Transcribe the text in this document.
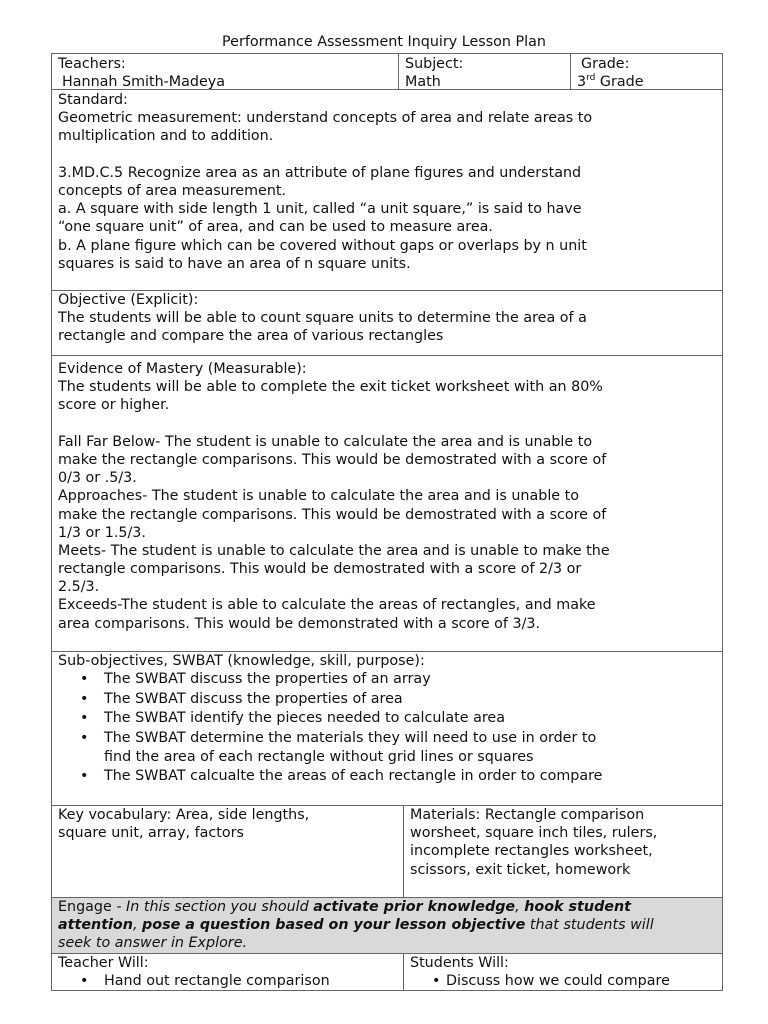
Performance Assessment Inquiry Lesson Plan
Teachers:
Hannah Smith-Madeya
Subject:
Math
Grade:
3rd Grade
Standard:
Geometric measurement: understand concepts of area and relate areas to
multiplication and to addition.
3.MD.C.5 Recognize area as an attribute of plane figures and understand
concepts of area measurement.
a. A square with side length 1 unit, called “a unit square,” is said to have
“one square unit” of area, and can be used to measure area.
b. A plane figure which can be covered without gaps or overlaps by n unit
squares is said to have an area of n square units.
Objective (Explicit):
The students will be able to count square units to determine the area of a
rectangle and compare the area of various rectangles
Evidence of Mastery (Measurable):
The students will be able to complete the exit ticket worksheet with an 80%
score or higher.
Fall Far Below- The student is unable to calculate the area and is unable to
make the rectangle comparisons. This would be demostrated with a score of
0/3 or .5/3.
Approaches- The student is unable to calculate the area and is unable to
make the rectangle comparisons. This would be demostrated with a score of
1/3 or 1.5/3.
Meets- The student is unable to calculate the area and is unable to make the
rectangle comparisons. This would be demostrated with a score of 2/3 or
2.5/3.
Exceeds-The student is able to calculate the areas of rectangles, and make
area comparisons. This would be demonstrated with a score of 3/3.
Sub-objectives, SWBAT (knowledge, skill, purpose):
• The SWBAT discuss the properties of an array
• The SWBAT discuss the properties of area
• The SWBAT identify the pieces needed to calculate area
• The SWBAT determine the materials they will need to use in order to
find the area of each rectangle without grid lines or squares
• The SWBAT calcualte the areas of each rectangle in order to compare
Key vocabulary: Area, side lengths,
square unit, array, factors
Materials: Rectangle comparison
worsheet, square inch tiles, rulers,
incomplete rectangles worksheet,
scissors, exit ticket, homework
Engage - In this section you should activate prior knowledge, hook student
attention, pose a question based on your lesson objective that students will
seek to answer in Explore.
Teacher Will:
• Hand out rectangle comparison
Students Will:
• Discuss how we could compare
